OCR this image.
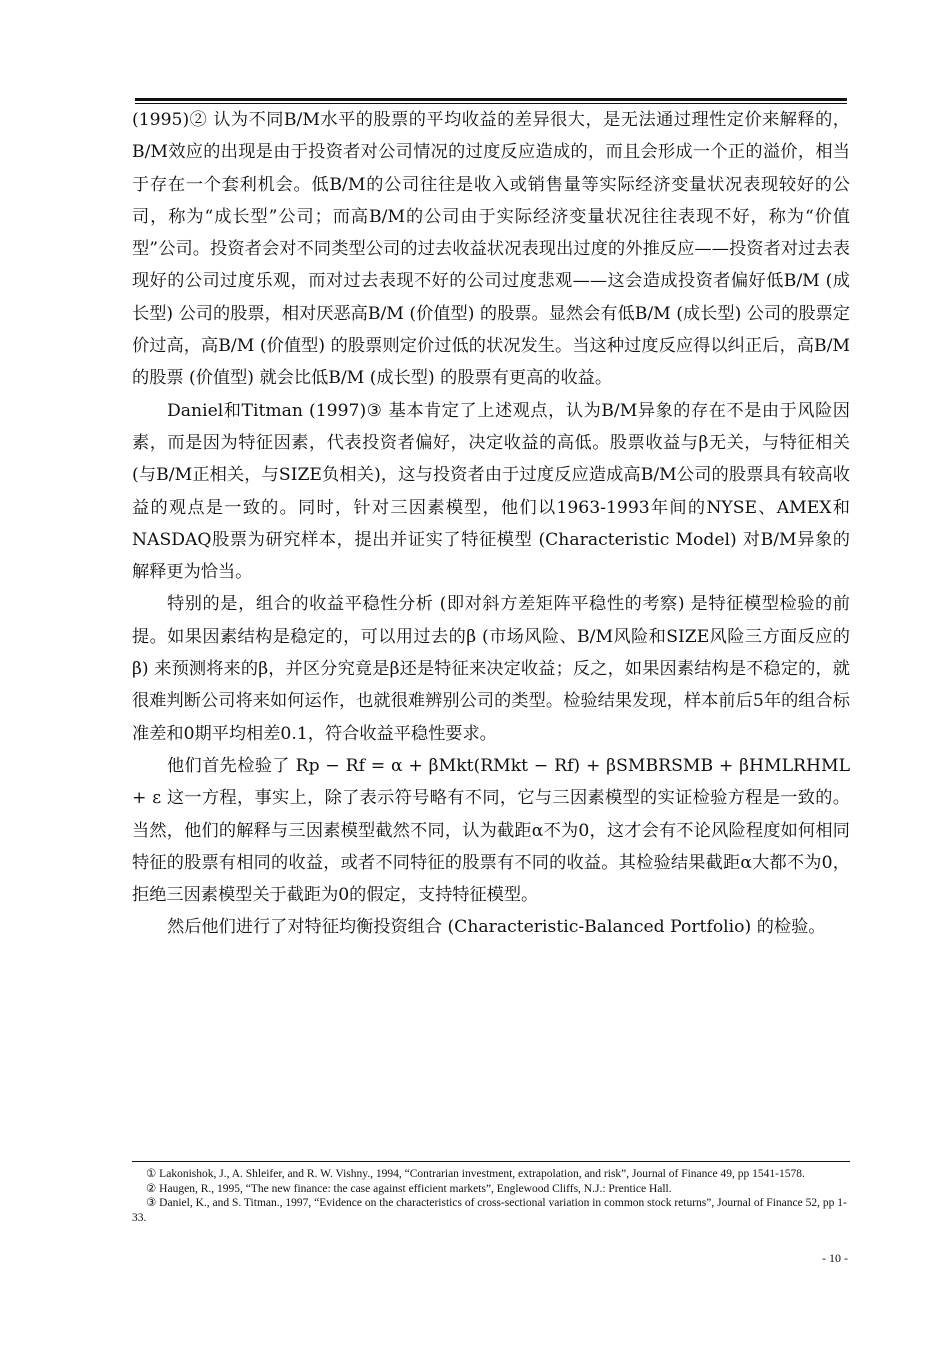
(1995)② 认为不同B/M水平的股票的平均收益的差异很大，是无法通过理性定价来解释的，B/M效应的出现是由于投资者对公司情况的过度反应造成的，而且会形成一个正的溢价，相当于存在一个套利机会。低B/M的公司往往是收入或销售量等实际经济变量状况表现较好的公司，称为“成长型”公司；而高B/M的公司由于实际经济变量状况往往表现不好，称为“价值型”公司。投资者会对不同类型公司的过去收益状况表现出过度的外推反应——投资者对过去表现好的公司过度乐观，而对过去表现不好的公司过度悲观——这会造成投资者偏好低B/M (成长型) 公司的股票，相对厌恶高B/M (价值型) 的股票。显然会有低B/M (成长型) 公司的股票定价过高，高B/M (价值型) 的股票则定价过低的状况发生。当这种过度反应得以纠正后，高B/M的股票 (价值型) 就会比低B/M (成长型) 的股票有更高的收益。

Daniel和Titman (1997)③ 基本肯定了上述观点，认为B/M异象的存在不是由于风险因素，而是因为特征因素，代表投资者偏好，决定收益的高低。股票收益与β无关，与特征相关 (与B/M正相关，与SIZE负相关)，这与投资者由于过度反应造成高B/M公司的股票具有较高收益的观点是一致的。同时，针对三因素模型，他们以1963-1993年间的NYSE、AMEX和NASDAQ股票为研究样本，提出并证实了特征模型 (Characteristic Model) 对B/M异象的解释更为恰当。

特别的是，组合的收益平稳性分析 (即对斜方差矩阵平稳性的考察) 是特征模型检验的前提。如果因素结构是稳定的，可以用过去的β (市场风险、B/M风险和SIZE风险三方面反应的β) 来预测将来的β，并区分究竟是β还是特征来决定收益；反之，如果因素结构是不稳定的，就很难判断公司将来如何运作，也就很难辨别公司的类型。检验结果发现，样本前后5年的组合标准差和0期平均相差0.1，符合收益平稳性要求。

他们首先检验了 Rp − Rf = α + βMkt(RMkt − Rf) + βSMBRSMB + βHMLRHML + ε 这一方程，事实上，除了表示符号略有不同，它与三因素模型的实证检验方程是一致的。当然，他们的解释与三因素模型截然不同，认为截距α不为0，这才会有不论风险程度如何相同特征的股票有相同的收益，或者不同特征的股票有不同的收益。其检验结果截距α大都不为0，拒绝三因素模型关于截距为0的假定，支持特征模型。

然后他们进行了对特征均衡投资组合 (Characteristic-Balanced Portfolio) 的检验。

① Lakonishok, J., A. Shleifer, and R. W. Vishny., 1994, “Contrarian investment, extrapolation, and risk”, Journal of Finance 49, pp 1541-1578.

② Haugen, R., 1995, “The new finance: the case against efficient markets”, Englewood Cliffs, N.J.: Prentice Hall.

③ Daniel, K., and S. Titman., 1997, “Evidence on the characteristics of cross-sectional variation in common stock returns”, Journal of Finance 52, pp 1-33.

- 10 -
